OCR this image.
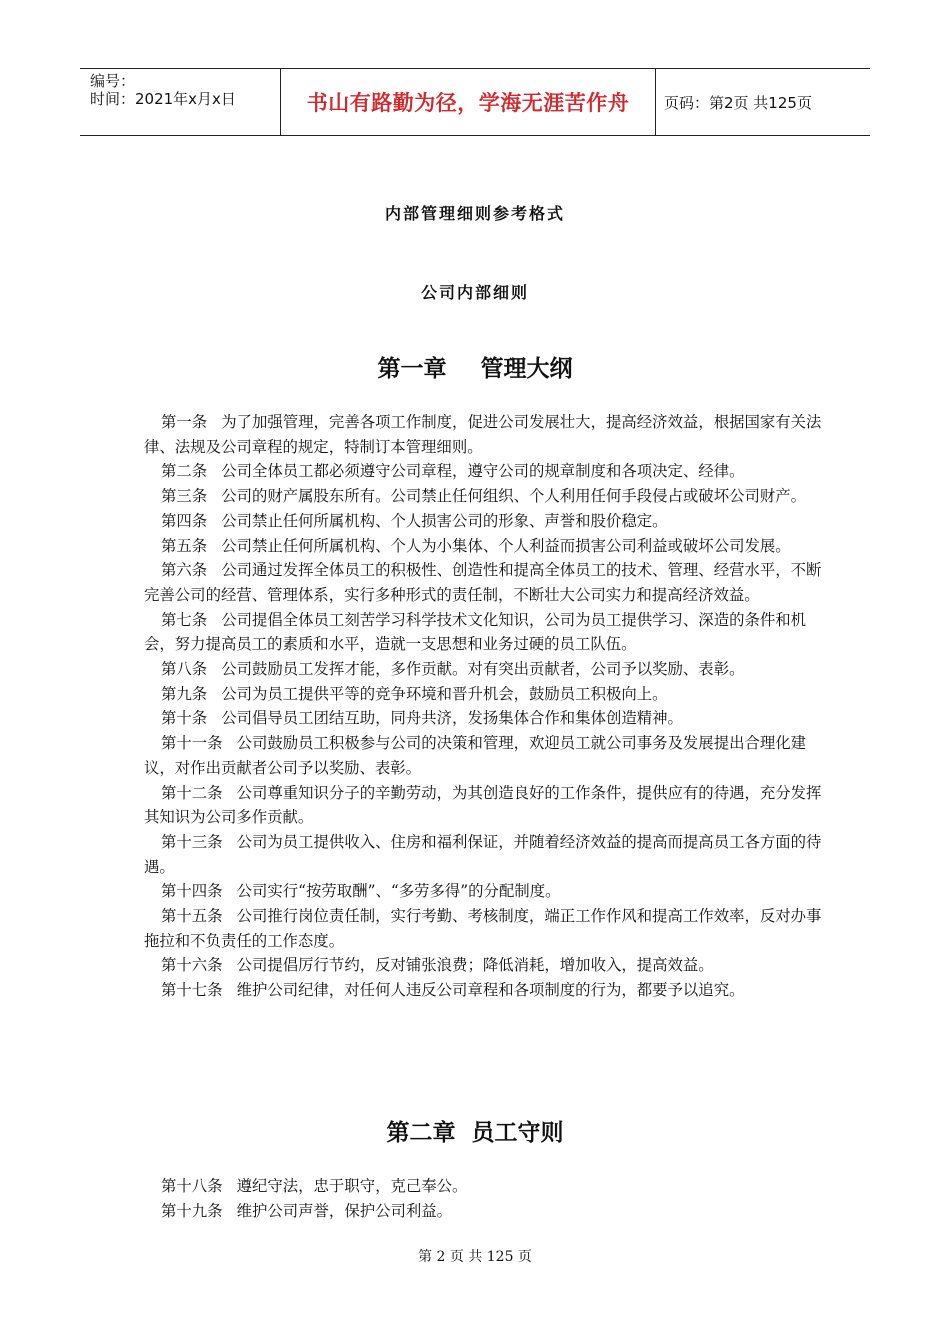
编号：
时间：2021年x月x日	书山有路勤为径，学海无涯苦作舟	页码：第2页 共125页
内部管理细则参考格式
公司内部细则
第一章 管理大纲

第一条 为了加强管理，完善各项工作制度，促进公司发展壮大，提高经济效益，根据国家有关法律、法规及公司章程的规定，特制订本管理细则。

第二条 公司全体员工都必须遵守公司章程，遵守公司的规章制度和各项决定、经律。

第三条 公司的财产属股东所有。公司禁止任何组织、个人利用任何手段侵占或破坏公司财产。

第四条 公司禁止任何所属机构、个人损害公司的形象、声誉和股价稳定。

第五条 公司禁止任何所属机构、个人为小集体、个人利益而损害公司利益或破坏公司发展。

第六条 公司通过发挥全体员工的积极性、创造性和提高全体员工的技术、管理、经营水平，不断完善公司的经营、管理体系，实行多种形式的责任制，不断壮大公司实力和提高经济效益。

第七条 公司提倡全体员工刻苦学习科学技术文化知识，公司为员工提供学习、深造的条件和机会，努力提高员工的素质和水平，造就一支思想和业务过硬的员工队伍。

第八条 公司鼓励员工发挥才能，多作贡献。对有突出贡献者，公司予以奖励、表彰。

第九条 公司为员工提供平等的竞争环境和晋升机会，鼓励员工积极向上。

第十条 公司倡导员工团结互助，同舟共济，发扬集体合作和集体创造精神。

第十一条 公司鼓励员工积极参与公司的决策和管理，欢迎员工就公司事务及发展提出合理化建议，对作出贡献者公司予以奖励、表彰。

第十二条 公司尊重知识分子的辛勤劳动，为其创造良好的工作条件，提供应有的待遇，充分发挥其知识为公司多作贡献。

第十三条 公司为员工提供收入、住房和福利保证，并随着经济效益的提高而提高员工各方面的待遇。

第十四条 公司实行“按劳取酬”、“多劳多得”的分配制度。

第十五条 公司推行岗位责任制，实行考勤、考核制度，端正工作作风和提高工作效率，反对办事拖拉和不负责任的工作态度。

第十六条 公司提倡厉行节约，反对铺张浪费；降低消耗，增加收入，提高效益。

第十七条 维护公司纪律，对任何人违反公司章程和各项制度的行为，都要予以追究。

第二章 员工守则

第十八条 遵纪守法，忠于职守，克己奉公。

第十九条 维护公司声誉，保护公司利益。

第 2 页 共 125 页
